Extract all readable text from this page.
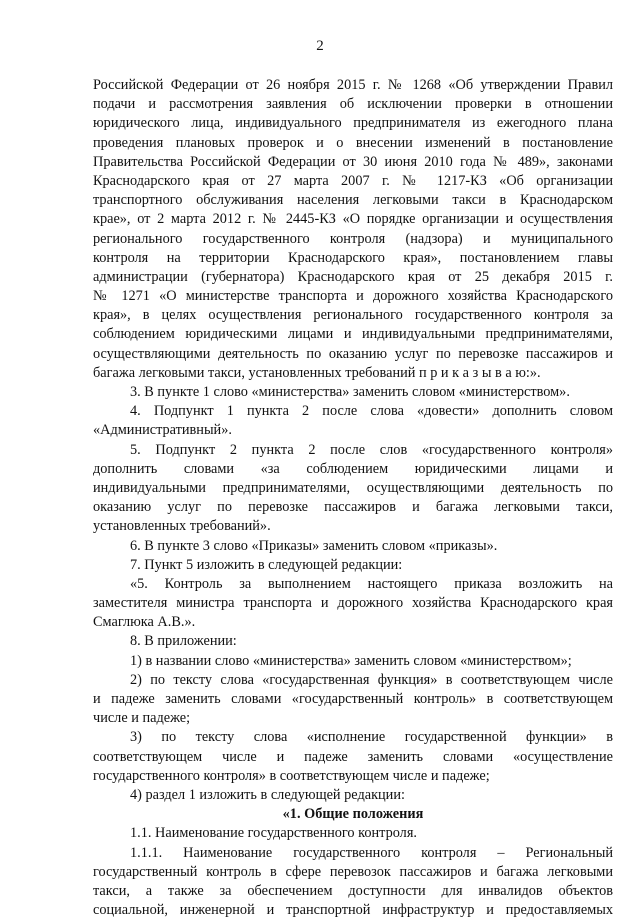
2
Российской Федерации от 26 ноября 2015 г. № 1268 «Об утверждении Правил
подачи и рассмотрения заявления об исключении проверки в отношении
юридического лица, индивидуального предпринимателя из ежегодного плана
проведения плановых проверок и о внесении изменений в постановление
Правительства Российской Федерации от 30 июня 2010 года № 489», законами
Краснодарского края от 27 марта 2007 г. № 1217-КЗ «Об организации
транспортного обслуживания населения легковыми такси в Краснодарском
крае», от 2 марта 2012 г. № 2445-КЗ «О порядке организации и осуществления
регионального государственного контроля (надзора) и муниципального
контроля на территории Краснодарского края», постановлением главы
администрации (губернатора) Краснодарского края от 25 декабря 2015 г.
№ 1271 «О министерстве транспорта и дорожного хозяйства Краснодарского
края», в целях осуществления регионального государственного контроля за
соблюдением юридическими лицами и индивидуальными предпринимателями,
осуществляющими деятельность по оказанию услуг по перевозке пассажиров и
багажа легковыми такси, установленных требований п р и к а з ы в а ю:».
3. В пункте 1 слово «министерства» заменить словом «министерством».
4. Подпункт 1 пункта 2 после слова «довести» дополнить словом
«Административный».
5. Подпункт 2 пункта 2 после слов «государственного контроля»
дополнить словами «за соблюдением юридическими лицами и
индивидуальными предпринимателями, осуществляющими деятельность по
оказанию услуг по перевозке пассажиров и багажа легковыми такси,
установленных требований».
6. В пункте 3 слово «Приказы» заменить словом «приказы».
7. Пункт 5 изложить в следующей редакции:
«5. Контроль за выполнением настоящего приказа возложить на
заместителя министра транспорта и дорожного хозяйства Краснодарского края
Смаглюка А.В.».
8. В приложении:
1) в названии слово «министерства» заменить словом «министерством»;
2) по тексту слова «государственная функция» в соответствующем числе
и падеже заменить словами «государственный контроль» в соответствующем
числе и падеже;
3) по тексту слова «исполнение государственной функции» в
соответствующем числе и падеже заменить словами «осуществление
государственного контроля» в соответствующем числе и падеже;
4) раздел 1 изложить в следующей редакции:
«1. Общие положения
1.1. Наименование государственного контроля.
1.1.1. Наименование государственного контроля – Региональный
государственный контроль в сфере перевозок пассажиров и багажа легковыми
такси, а также за обеспечением доступности для инвалидов объектов
социальной, инженерной и транспортной инфраструктур и предоставляемых
